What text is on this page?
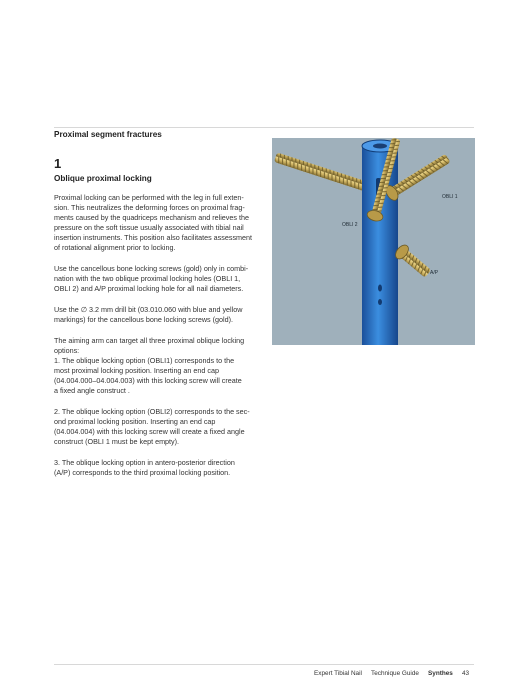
Proximal segment fractures
1
Oblique proximal locking

Proximal locking can be performed with the leg in full exten-
sion. This neutralizes the deforming forces on proximal frag-
ments caused by the quadriceps mechanism and relieves the
pressure on the soft tissue usually associated with tibial nail
insertion instruments. This position also facilitates assessment
of rotational alignment prior to locking.

Use the cancellous bone locking screws (gold) only in combi-
nation with the two oblique proximal locking holes (OBLI 1,
OBLI 2) and A/P proximal locking hole for all nail diameters.

Use the ∅ 3.2 mm drill bit (03.010.060 with blue and yellow
markings) for the cancellous bone locking screws (gold).

The aiming arm can target all three proximal oblique locking
options:
1. The oblique locking option (OBLI1) corresponds to the
most proximal locking position. Inserting an end cap
(04.004.000–04.004.003) with this locking screw will create
a fixed angle construct .

2. The oblique locking option (OBLI2) corresponds to the sec-
ond proximal locking position. Inserting an end cap
(04.004.004) with this locking screw will create a fixed angle
construct (OBLI 1 must be kept empty).

3. The oblique locking option in antero-posterior direction
(A/P) corresponds to the third proximal locking position.

OBLI 1
OBLI 2
A/P
Expert Tibial Nail Technique Guide Synthes 43
